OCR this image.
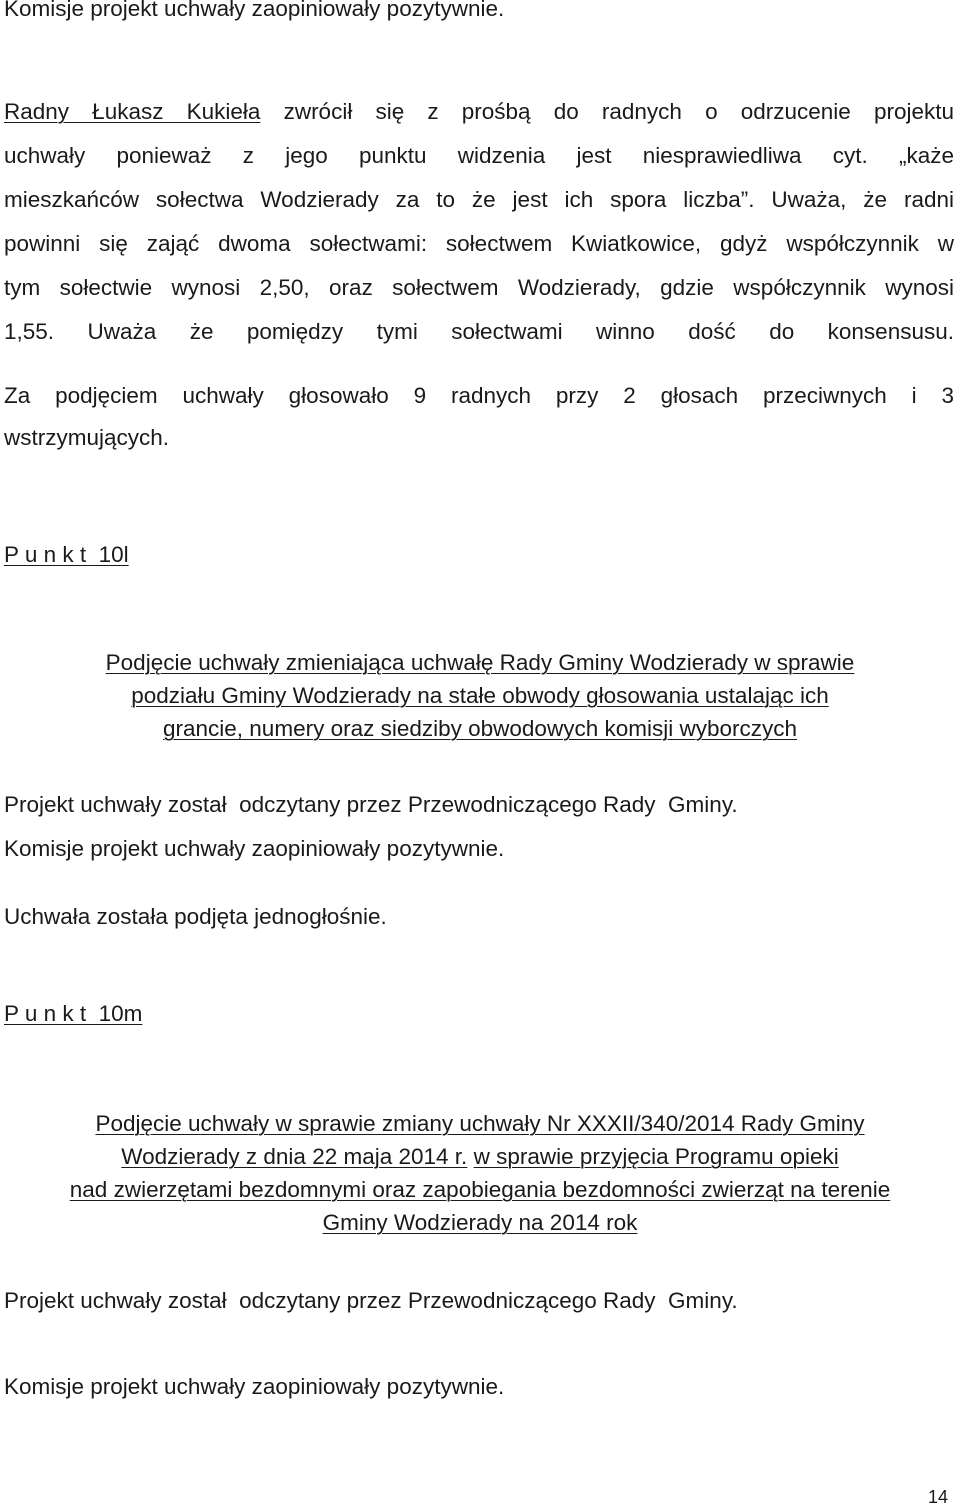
Komisje projekt uchwały zaopiniowały pozytywnie.

Radny Łukasz Kukieła zwrócił się z prośbą do radnych o odrzucenie projektu
uchwały ponieważ z jego punktu widzenia jest niesprawiedliwa cyt. „każe
mieszkańców sołectwa Wodzierady za to że jest ich spora liczba”. Uważa, że radni
powinni się zająć dwoma sołectwami: sołectwem Kwiatkowice, gdyż współczynnik w
tym sołectwie wynosi 2,50, oraz sołectwem Wodzierady, gdzie współczynnik wynosi
1,55. Uważa że pomiędzy tymi sołectwami winno dość do konsensusu.
Za podjęciem uchwały głosowało 9 radnych przy 2 głosach przeciwnych i 3
wstrzymujących.

P u n k t  10l

Podjęcie uchwały zmieniająca uchwałę Rady Gminy Wodzierady w sprawie

podziału Gminy Wodzierady na stałe obwody głosowania ustalając ich

grancie, numery oraz siedziby obwodowych komisji wyborczych

Projekt uchwały został  odczytany przez Przewodniczącego Rady  Gminy.

Komisje projekt uchwały zaopiniowały pozytywnie.

Uchwała została podjęta jednogłośnie.

P u n k t  10m

Podjęcie uchwały w sprawie zmiany uchwały Nr XXXII/340/2014 Rady Gminy

Wodzierady z dnia 22 maja 2014 r. w sprawie przyjęcia Programu opieki

nad zwierzętami bezdomnymi oraz zapobiegania bezdomności zwierząt na terenie

Gminy Wodzierady na 2014 rok

Projekt uchwały został  odczytany przez Przewodniczącego Rady  Gminy.

Komisje projekt uchwały zaopiniowały pozytywnie.

14
